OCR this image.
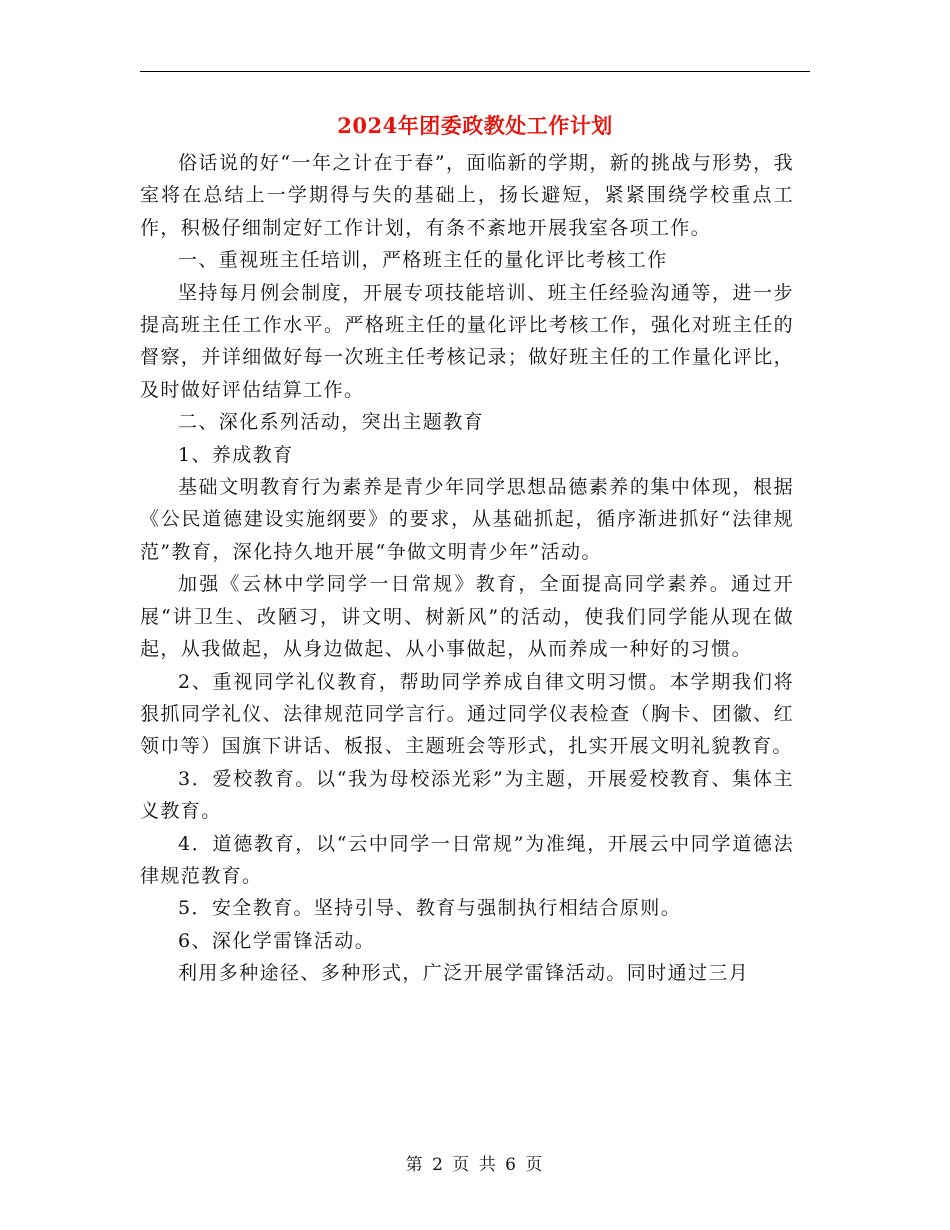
2024年团委政教处工作计划

俗话说的好“一年之计在于春”，面临新的学期，新的挑战与形势，我室将在总结上一学期得与失的基础上，扬长避短，紧紧围绕学校重点工作，积极仔细制定好工作计划，有条不紊地开展我室各项工作。

一、重视班主任培训，严格班主任的量化评比考核工作

坚持每月例会制度，开展专项技能培训、班主任经验沟通等，进一步提高班主任工作水平。严格班主任的量化评比考核工作，强化对班主任的督察，并详细做好每一次班主任考核记录；做好班主任的工作量化评比，及时做好评估结算工作。

二、深化系列活动，突出主题教育

1、养成教育

基础文明教育行为素养是青少年同学思想品德素养的集中体现，根据《公民道德建设实施纲要》的要求，从基础抓起，循序渐进抓好“法律规范”教育，深化持久地开展“争做文明青少年”活动。

加强《云林中学同学一日常规》教育，全面提高同学素养。通过开展“讲卫生、改陋习，讲文明、树新风”的活动，使我们同学能从现在做起，从我做起，从身边做起、从小事做起，从而养成一种好的习惯。

2、重视同学礼仪教育，帮助同学养成自律文明习惯。本学期我们将狠抓同学礼仪、法律规范同学言行。通过同学仪表检查（胸卡、团徽、红领巾等）国旗下讲话、板报、主题班会等形式，扎实开展文明礼貌教育。

3．爱校教育。以“我为母校添光彩”为主题，开展爱校教育、集体主义教育。

4．道德教育，以“云中同学一日常规”为准绳，开展云中同学道德法律规范教育。

5．安全教育。坚持引导、教育与强制执行相结合原则。

6、深化学雷锋活动。

利用多种途径、多种形式，广泛开展学雷锋活动。同时通过三月

第 2 页 共 6 页
